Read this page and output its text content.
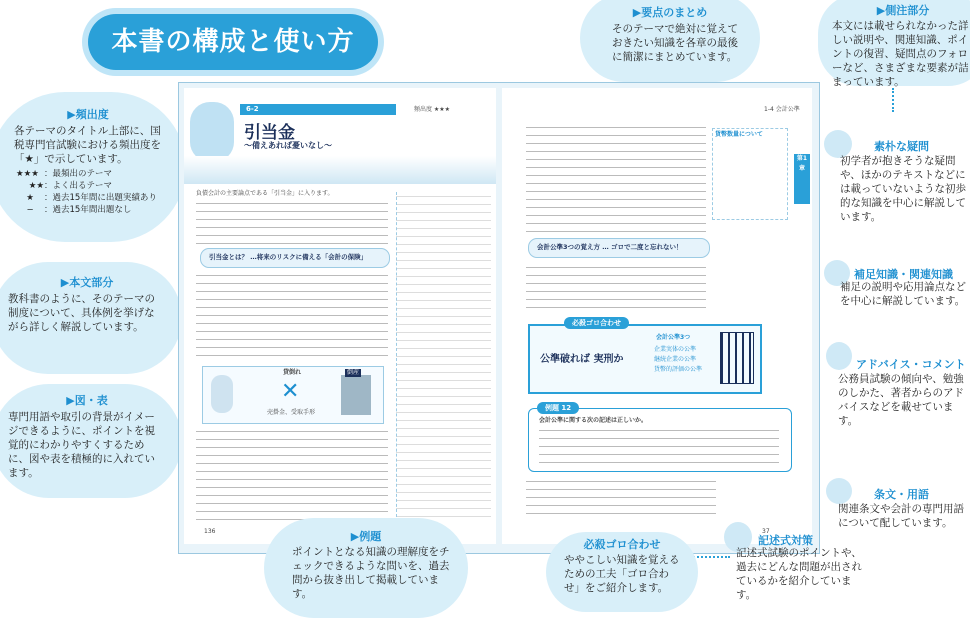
本書の構成と使い方
▶頻出度
各テーマのタイトル上部に、国税専門官試験における頻出度を「★」で示しています。
★★★ ：最頻出のテーマ
★★：よく出るテーマ
★ ：過去15年間に出題実績あり
− ：過去15年間出題なし
▶本文部分
教科書のように、そのテーマの制度について、具体例を挙げながら詳しく解説しています。
▶図・表
専門用語や取引の背景がイメージできるように、ポイントを視覚的にわかりやすくするために、図や表を積極的に入れています。
▶要点のまとめ
そのテーマで絶対に覚えておきたい知識を各章の最後に簡潔にまとめています。
▶側注部分
本文には載せられなかった詳しい説明や、関連知識、ポイントの復習、疑問点のフォローなど、さまざまな要素が詰まっています。
6-2	頻出度 ★★★
引当金
〜備えあれば憂いなし〜
負債会計の主要論点である「引当金」に入ります。
引当金とは？ …将来のリスクに備える「会計の保険」
✕
貸倒れ
売掛金、受取手形
倒産
136
1-4 会計公準
貨幣数量について
第1章
会計公準3つの覚え方 … ゴロで二度と忘れない！
必殺ゴロ合わせ
公準破れば 実刑か
会計公準3つ
企業実体の公準
継続企業の公準
貨幣的評価の公準
例題 12
会計公準に関する次の記述は正しいか。
37
素朴な疑問
初学者が抱きそうな疑問や、ほかのテキストなどには載っていないような初歩的な知識を中心に解説しています。
補足知識・関連知識
補足の説明や応用論点などを中心に解説しています。
アドバイス・コメント
公務員試験の傾向や、勉強のしかた、著者からのアドバイスなどを載せています。
条文・用語
関連条文や会計の専門用語について配しています。
▶例題
ポイントとなる知識の理解度をチェックできるような問いを、過去問から抜き出して掲載しています。
必殺ゴロ合わせ
ややこしい知識を覚えるための工夫「ゴロ合わせ」をご紹介します。
記述式対策
記述式試験のポイントや、過去にどんな問題が出されているかを紹介しています。
